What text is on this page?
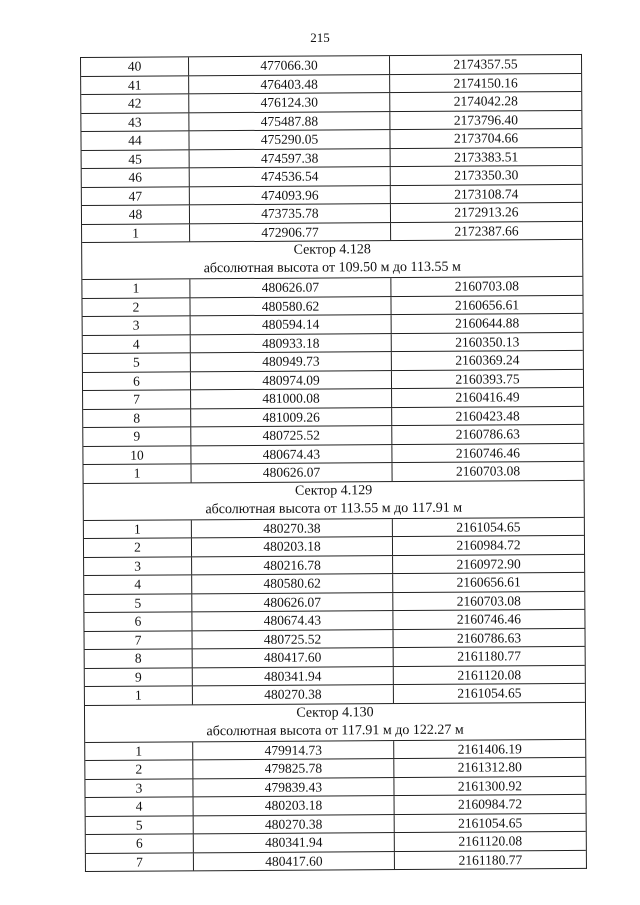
215
40	477066.30	2174357.55
41	476403.48	2174150.16
42	476124.30	2174042.28
43	475487.88	2173796.40
44	475290.05	2173704.66
45	474597.38	2173383.51
46	474536.54	2173350.30
47	474093.96	2173108.74
48	473735.78	2172913.26
1	472906.77	2172387.66
Сектор 4.128
абсолютная высота от 109.50 м до 113.55 м
1	480626.07	2160703.08
2	480580.62	2160656.61
3	480594.14	2160644.88
4	480933.18	2160350.13
5	480949.73	2160369.24
6	480974.09	2160393.75
7	481000.08	2160416.49
8	481009.26	2160423.48
9	480725.52	2160786.63
10	480674.43	2160746.46
1	480626.07	2160703.08
Сектор 4.129
абсолютная высота от 113.55 м до 117.91 м
1	480270.38	2161054.65
2	480203.18	2160984.72
3	480216.78	2160972.90
4	480580.62	2160656.61
5	480626.07	2160703.08
6	480674.43	2160746.46
7	480725.52	2160786.63
8	480417.60	2161180.77
9	480341.94	2161120.08
1	480270.38	2161054.65
Сектор 4.130
абсолютная высота от 117.91 м до 122.27 м
1	479914.73	2161406.19
2	479825.78	2161312.80
3	479839.43	2161300.92
4	480203.18	2160984.72
5	480270.38	2161054.65
6	480341.94	2161120.08
7	480417.60	2161180.77
